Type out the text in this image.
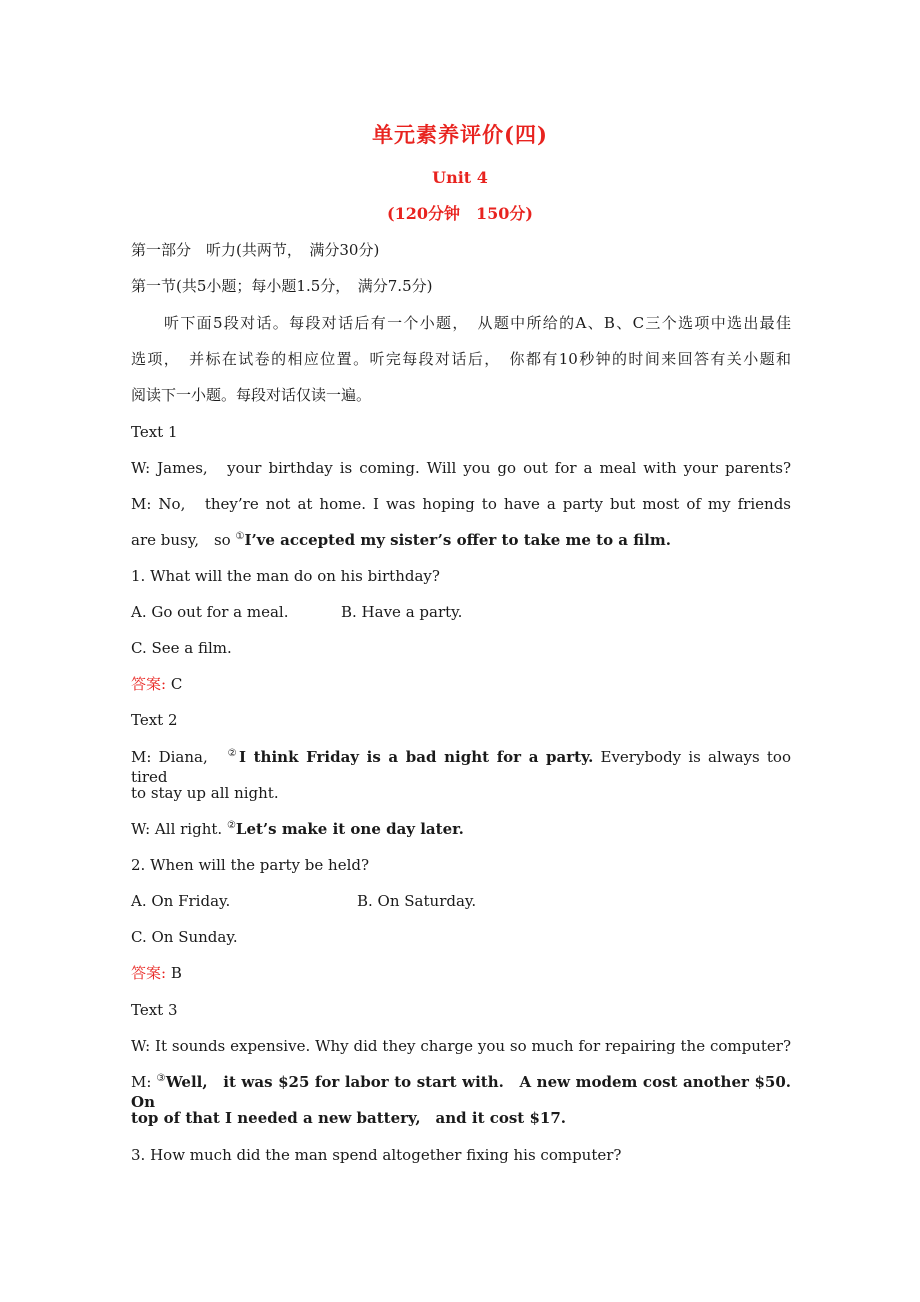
单元素养评价(四)
Unit 4
(120分钟　150分)
第一部分　听力(共两节，　满分30分)
第一节(共5小题；每小题1.5分，　满分7.5分)
听下面5段对话。每段对话后有一个小题，　从题中所给的A、B、C三个选项中选出最佳
选项，　并标在试卷的相应位置。听完每段对话后，　你都有10秒钟的时间来回答有关小题和
阅读下一小题。每段对话仅读一遍。
Text 1
W: James,　your birthday is coming. Will you go out for a meal with your parents?
M: No,　they’re not at home. I was hoping to have a party but most of my friends
are busy,　so ①I’ve accepted my sister’s offer to take me to a film.
1. What will the man do on his birthday?
A. Go out for a meal.	B. Have a party.
C. See a film.
答案: C
Text 2
M: Diana,　②I think Friday is a bad night for a party. Everybody is always too tired
to stay up all night.
W: All right. ②Let’s make it one day later.
2. When will the party be held?
A. On Friday.	B. On Saturday.
C. On Sunday.
答案: B
Text 3
W: It sounds expensive. Why did they charge you so much for repairing the computer?
M: ③Well,　it was $25 for labor to start with.　A new modem cost another $50. On
top of that I needed a new battery,　and it cost $17.
3. How much did the man spend altogether fixing his computer?
